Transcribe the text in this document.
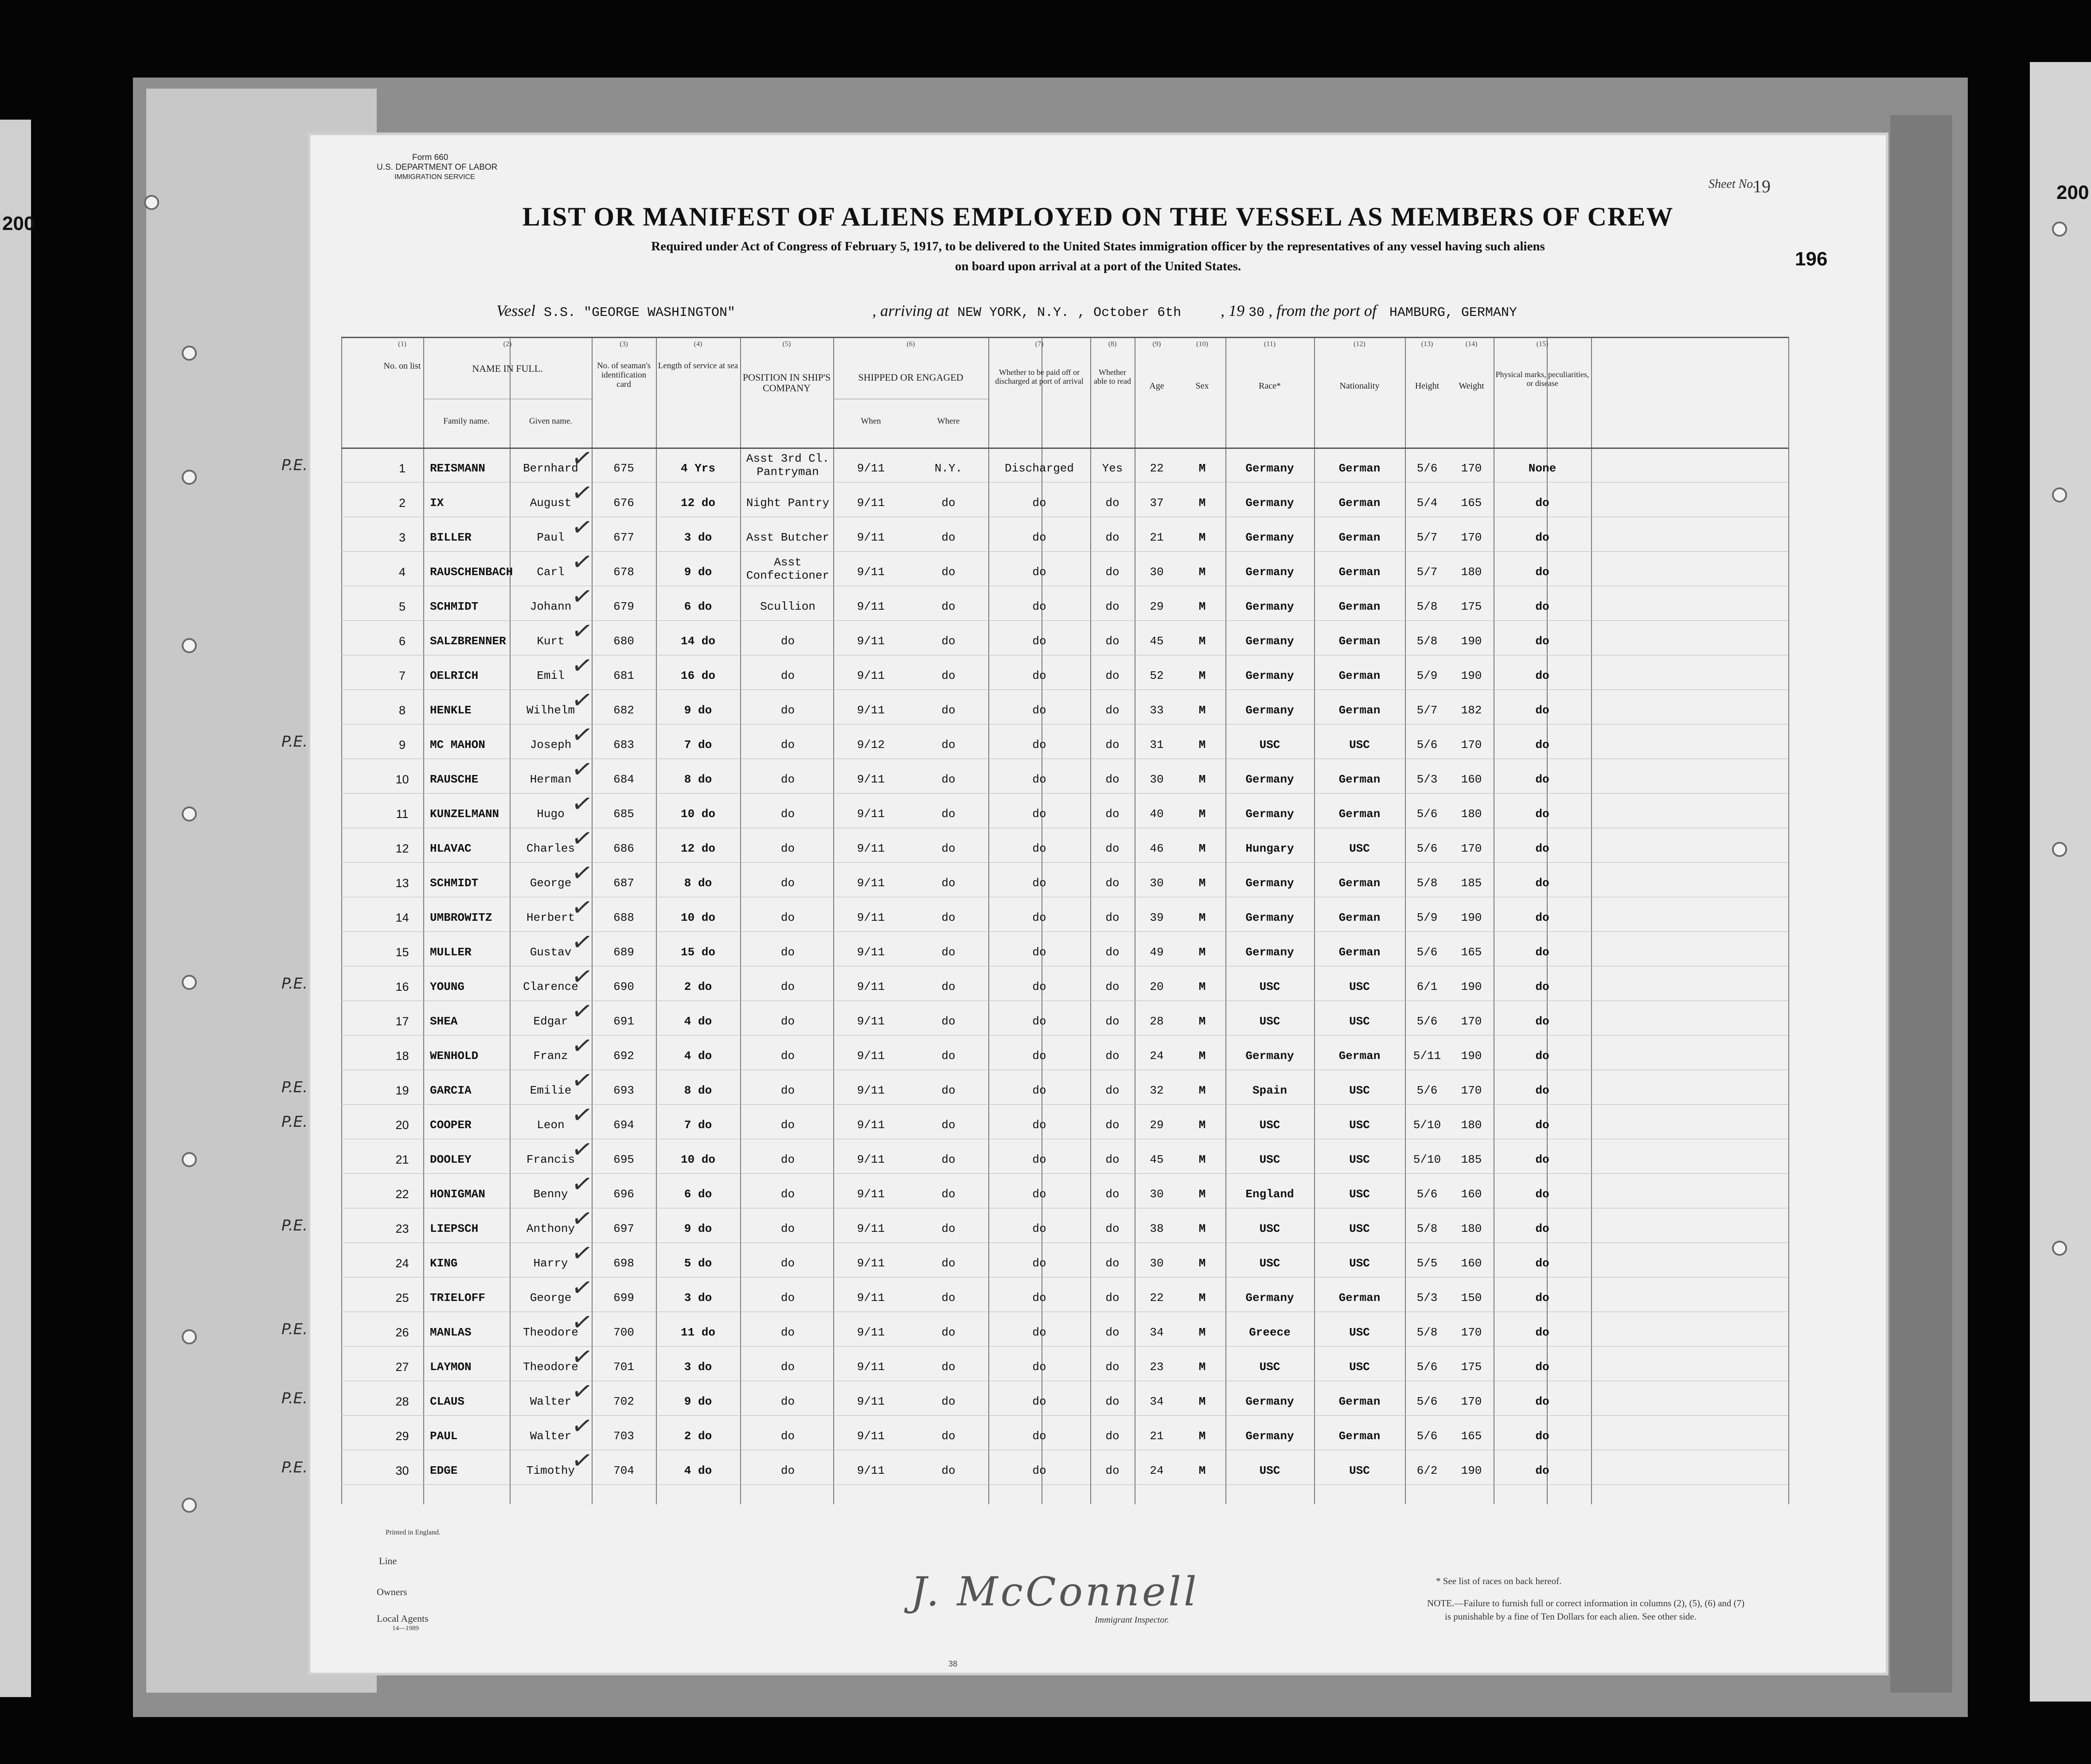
200
200
Form 660
U.S. DEPARTMENT OF LABOR
IMMIGRATION SERVICE
Sheet No.
19
196
LIST OR MANIFEST OF ALIENS EMPLOYED ON THE VESSEL AS MEMBERS OF CREW
Required under Act of Congress of February 5, 1917, to be delivered to the United States immigration officer by the representatives of any vessel having such aliens
on board upon arrival at a port of the United States.
Vessel S.S. "GEORGE WASHINGTON"	, arriving at NEW YORK, N.Y. , October 6th , 19 30 , from the port of HAMBURG, GERMANY
No. on list
(1)
NAME IN FULL.
(2)
Family name.	Given name.
No. of seaman's identification card
(3)
Length of service at sea
(4)
POSITION IN SHIP'S COMPANY
(5)
SHIPPED OR ENGAGED
(6)
When	Where
Whether to be paid off or discharged at port of arrival
(7)
Whether able to read
(8)
Age
(9)
Sex
(10)
Race*
(11)
Nationality
(12)
Height
(13)
Weight
(14)
Physical marks, peculiarities, or disease
(15)
1	REISMANN	Bernhard	675	4 Yrs
Asst 3rd Cl.
Pantryman	9/11	N.Y.	Discharged	Yes	22	M	Germany	German	5/6	170	None
✓
P.E.
2	IX	August	676	12 do	Night Pantry	9/11	do	do	do	37	M	Germany	German	5/4	165	do
✓
3	BILLER	Paul	677	3 do	Asst Butcher	9/11	do	do	do	21	M	Germany	German	5/7	170	do
✓
4	RAUSCHENBACH	Carl	678	9 do
Asst
Confectioner	9/11	do	do	do	30	M	Germany	German	5/7	180	do
✓
5	SCHMIDT	Johann	679	6 do	Scullion	9/11	do	do	do	29	M	Germany	German	5/8	175	do
✓
6	SALZBRENNER	Kurt	680	14 do	do	9/11	do	do	do	45	M	Germany	German	5/8	190	do
✓
7	OELRICH	Emil	681	16 do	do	9/11	do	do	do	52	M	Germany	German	5/9	190	do
✓
8	HENKLE	Wilhelm	682	9 do	do	9/11	do	do	do	33	M	Germany	German	5/7	182	do
✓
9	MC MAHON	Joseph	683	7 do	do	9/12	do	do	do	31	M	USC	USC	5/6	170	do
✓
P.E.
10	RAUSCHE	Herman	684	8 do	do	9/11	do	do	do	30	M	Germany	German	5/3	160	do
✓
11	KUNZELMANN	Hugo	685	10 do	do	9/11	do	do	do	40	M	Germany	German	5/6	180	do
✓
12	HLAVAC	Charles	686	12 do	do	9/11	do	do	do	46	M	Hungary	USC	5/6	170	do
✓
13	SCHMIDT	George	687	8 do	do	9/11	do	do	do	30	M	Germany	German	5/8	185	do
✓
14	UMBROWITZ	Herbert	688	10 do	do	9/11	do	do	do	39	M	Germany	German	5/9	190	do
✓
15	MULLER	Gustav	689	15 do	do	9/11	do	do	do	49	M	Germany	German	5/6	165	do
✓
16	YOUNG	Clarence	690	2 do	do	9/11	do	do	do	20	M	USC	USC	6/1	190	do
✓
P.E.
17	SHEA	Edgar	691	4 do	do	9/11	do	do	do	28	M	USC	USC	5/6	170	do
✓
18	WENHOLD	Franz	692	4 do	do	9/11	do	do	do	24	M	Germany	German	5/11	190	do
✓
19	GARCIA	Emilie	693	8 do	do	9/11	do	do	do	32	M	Spain	USC	5/6	170	do
✓
P.E.
20	COOPER	Leon	694	7 do	do	9/11	do	do	do	29	M	USC	USC	5/10	180	do
✓
P.E.
21	DOOLEY	Francis	695	10 do	do	9/11	do	do	do	45	M	USC	USC	5/10	185	do
✓
22	HONIGMAN	Benny	696	6 do	do	9/11	do	do	do	30	M	England	USC	5/6	160	do
✓
23	LIEPSCH	Anthony	697	9 do	do	9/11	do	do	do	38	M	USC	USC	5/8	180	do
✓
P.E.
24	KING	Harry	698	5 do	do	9/11	do	do	do	30	M	USC	USC	5/5	160	do
✓
25	TRIELOFF	George	699	3 do	do	9/11	do	do	do	22	M	Germany	German	5/3	150	do
✓
26	MANLAS	Theodore	700	11 do	do	9/11	do	do	do	34	M	Greece	USC	5/8	170	do
✓
P.E.
27	LAYMON	Theodore	701	3 do	do	9/11	do	do	do	23	M	USC	USC	5/6	175	do
✓
28	CLAUS	Walter	702	9 do	do	9/11	do	do	do	34	M	Germany	German	5/6	170	do
✓
P.E.
29	PAUL	Walter	703	2 do	do	9/11	do	do	do	21	M	Germany	German	5/6	165	do
✓
30	EDGE	Timothy	704	4 do	do	9/11	do	do	do	24	M	USC	USC	6/2	190	do
✓
P.E.
Printed in England.
Line
Owners
Local Agents
14—1989
J. McConnell
Immigrant Inspector.
* See list of races on back hereof.
NOTE.—Failure to furnish full or correct information in columns (2), (5), (6) and (7)
is punishable by a fine of Ten Dollars for each alien. See other side.
38
